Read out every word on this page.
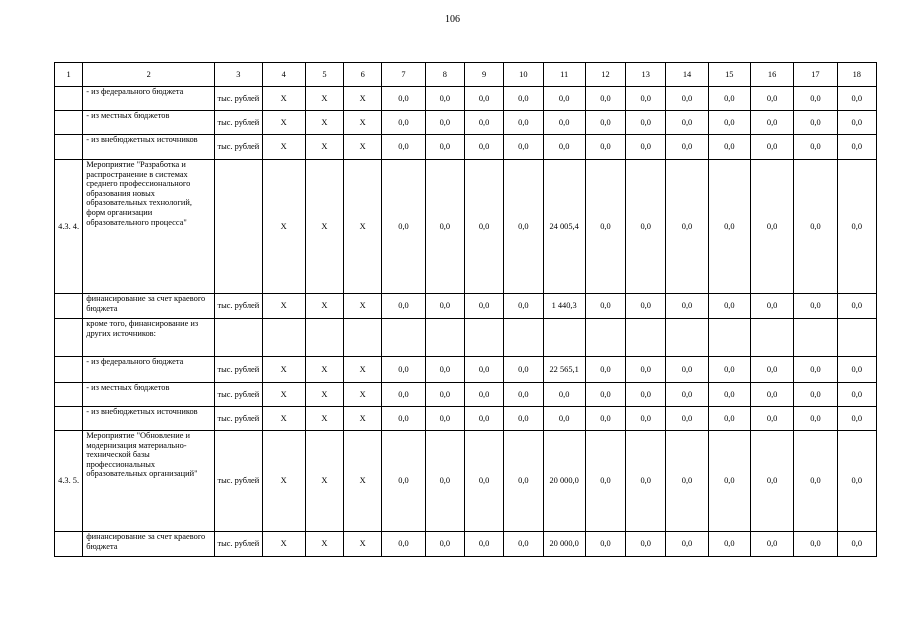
106
1	2	3	4	5	6	7	8	9	10	11	12	13	14	15	16	17	18
	- из федерального бюджета	тыс. рублей	Х	Х	Х	0,0	0,0	0,0	0,0	0,0	0,0	0,0	0,0	0,0	0,0	0,0	0,0
	- из местных бюджетов	тыс. рублей	Х	Х	Х	0,0	0,0	0,0	0,0	0,0	0,0	0,0	0,0	0,0	0,0	0,0	0,0
	- из внебюджетных источников	тыс. рублей	Х	Х	Х	0,0	0,0	0,0	0,0	0,0	0,0	0,0	0,0	0,0	0,0	0,0	0,0
4.3. 4.	Мероприятие "Разработка и распространение в системах среднего профессионального образования новых образовательных технологий, форм организации образовательного процесса"		Х	Х	Х	0,0	0,0	0,0	0,0	24 005,4	0,0	0,0	0,0	0,0	0,0	0,0	0,0
	финансирование за счет краевого бюджета	тыс. рублей	Х	Х	Х	0,0	0,0	0,0	0,0	1 440,3	0,0	0,0	0,0	0,0	0,0	0,0	0,0
	кроме того, финансирование из других источников:																
	- из федерального бюджета	тыс. рублей	Х	Х	Х	0,0	0,0	0,0	0,0	22 565,1	0,0	0,0	0,0	0,0	0,0	0,0	0,0
	- из местных бюджетов	тыс. рублей	Х	Х	Х	0,0	0,0	0,0	0,0	0,0	0,0	0,0	0,0	0,0	0,0	0,0	0,0
	- из внебюджетных источников	тыс. рублей	Х	Х	Х	0,0	0,0	0,0	0,0	0,0	0,0	0,0	0,0	0,0	0,0	0,0	0,0
4.3. 5.	Мероприятие "Обновление и модернизация материально-технической базы профессиональных образовательных организаций"	тыс. рублей	Х	Х	Х	0,0	0,0	0,0	0,0	20 000,0	0,0	0,0	0,0	0,0	0,0	0,0	0,0
	финансирование за счет краевого бюджета	тыс. рублей	Х	Х	Х	0,0	0,0	0,0	0,0	20 000,0	0,0	0,0	0,0	0,0	0,0	0,0	0,0
